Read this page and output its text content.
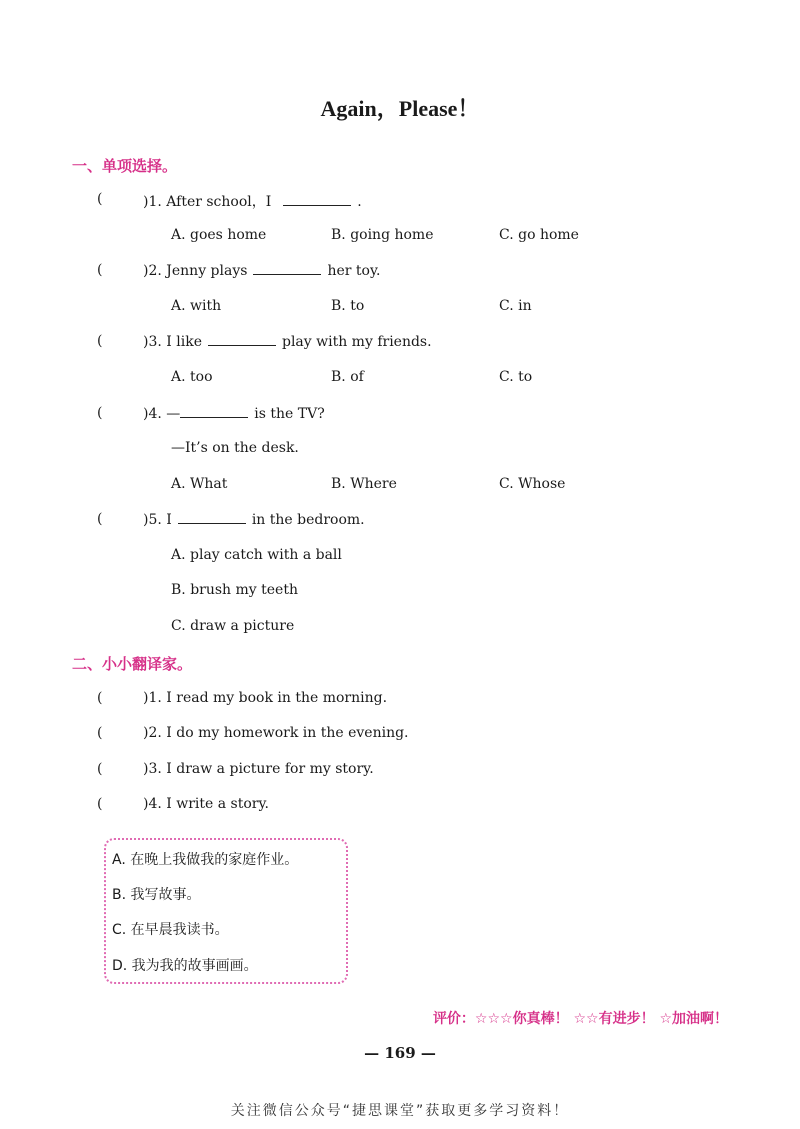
Again，Please！
一、单项选择。
(	)1. After school，I	.
A. goes home	B. going home	C. go home
(	)2. Jenny plays	her toy.
A. with	B. to	C. in
(	)3. I like	play with my friends.
A. too	B. of	C. to
(	)4. —	is the TV?
—It’s on the desk.
A. What	B. Where	C. Whose
(	)5. I	in the bedroom.
A. play catch with a ball
B. brush my teeth
C. draw a picture
二、小小翻译家。
(	)1. I read my book in the morning.
(	)2. I do my homework in the evening.
(	)3. I draw a picture for my story.
(	)4. I write a story.
A. 在晚上我做我的家庭作业。
B. 我写故事。
C. 在早晨我读书。
D. 我为我的故事画画。
评价：☆☆☆你真棒！ ☆☆有进步！ ☆加油啊！
— 169 —
关注微信公众号“捷思课堂”获取更多学习资料！
